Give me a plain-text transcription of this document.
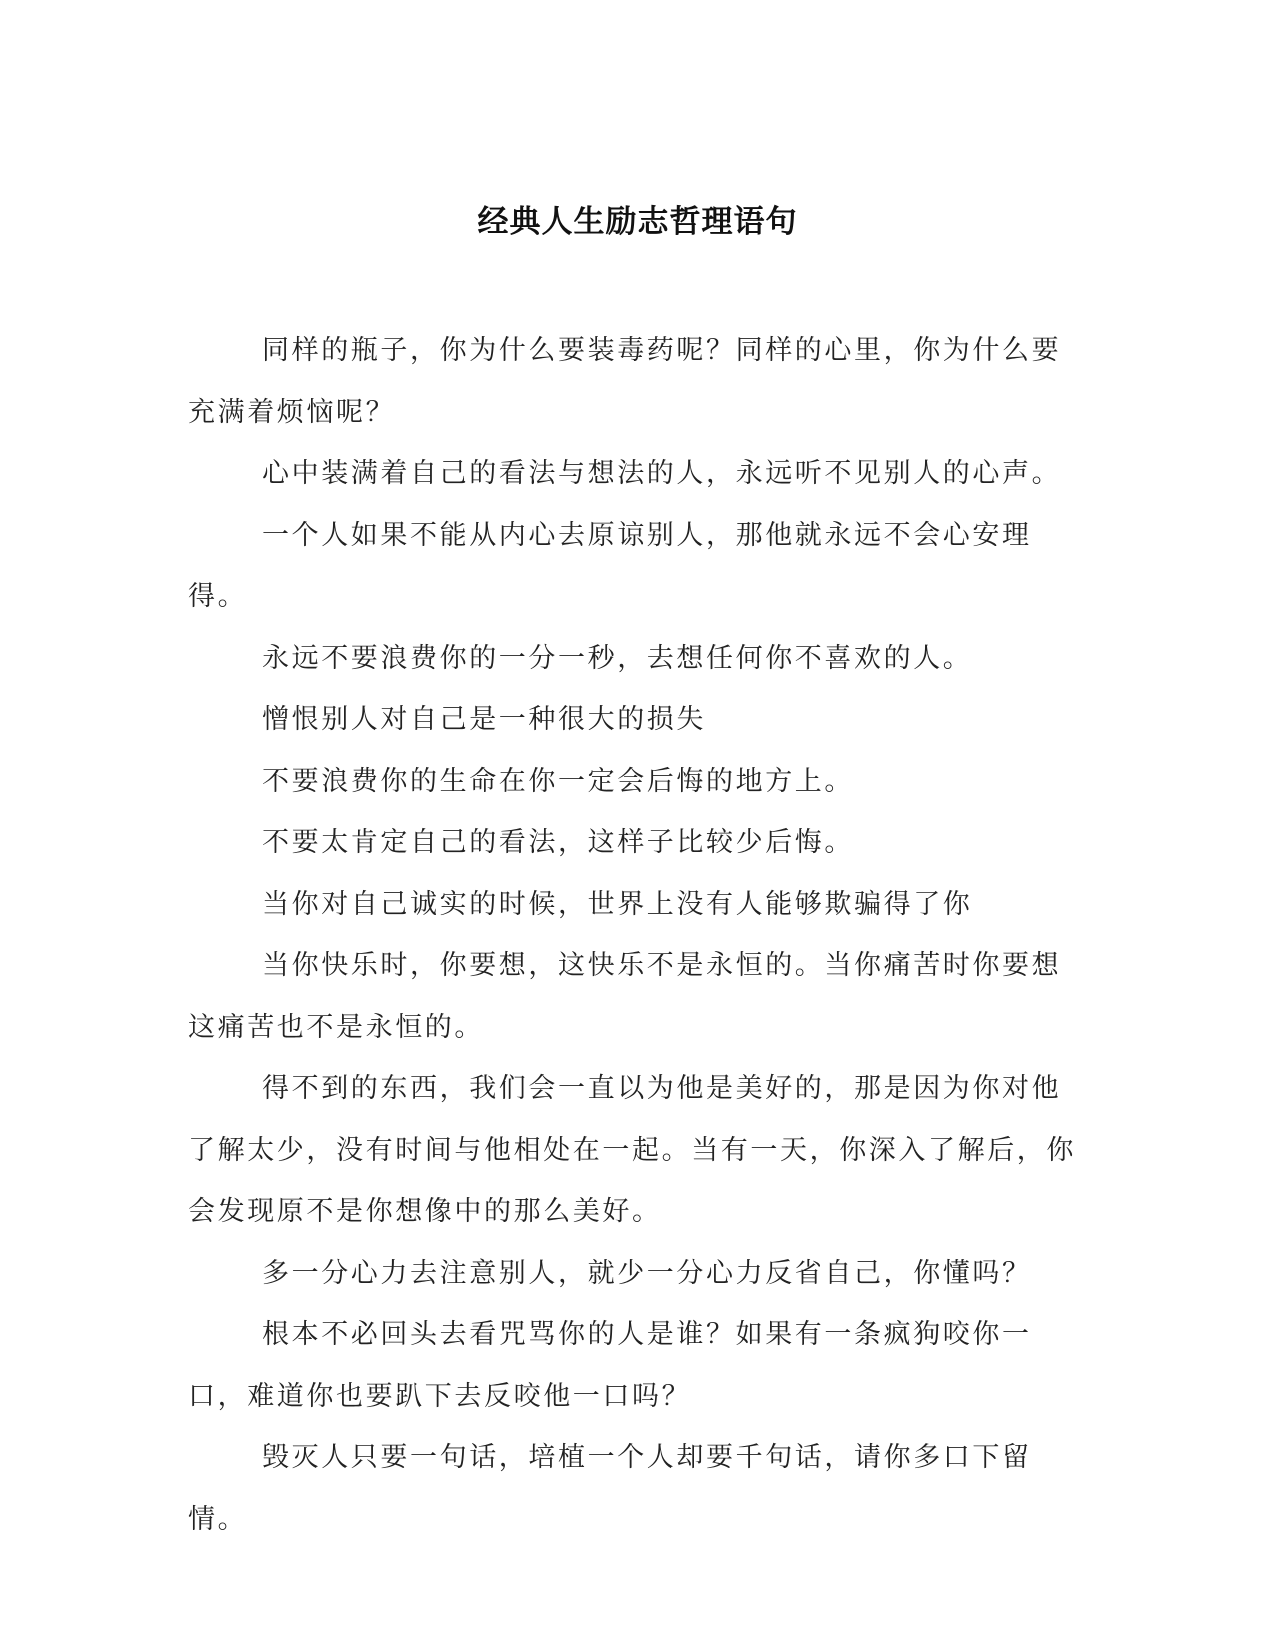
经典人生励志哲理语句

同样的瓶子，你为什么要装毒药呢？同样的心里，你为什么要充满着烦恼呢？

心中装满着自己的看法与想法的人，永远听不见别人的心声。

一个人如果不能从内心去原谅别人，那他就永远不会心安理得。

永远不要浪费你的一分一秒，去想任何你不喜欢的人。

憎恨别人对自己是一种很大的损失

不要浪费你的生命在你一定会后悔的地方上。

不要太肯定自己的看法，这样子比较少后悔。

当你对自己诚实的时候，世界上没有人能够欺骗得了你

当你快乐时，你要想，这快乐不是永恒的。当你痛苦时你要想这痛苦也不是永恒的。

得不到的东西，我们会一直以为他是美好的，那是因为你对他了解太少，没有时间与他相处在一起。当有一天，你深入了解后，你会发现原不是你想像中的那么美好。

多一分心力去注意别人，就少一分心力反省自己，你懂吗？

根本不必回头去看咒骂你的人是谁？如果有一条疯狗咬你一口，难道你也要趴下去反咬他一口吗？

毁灭人只要一句话，培植一个人却要千句话，请你多口下留情。
